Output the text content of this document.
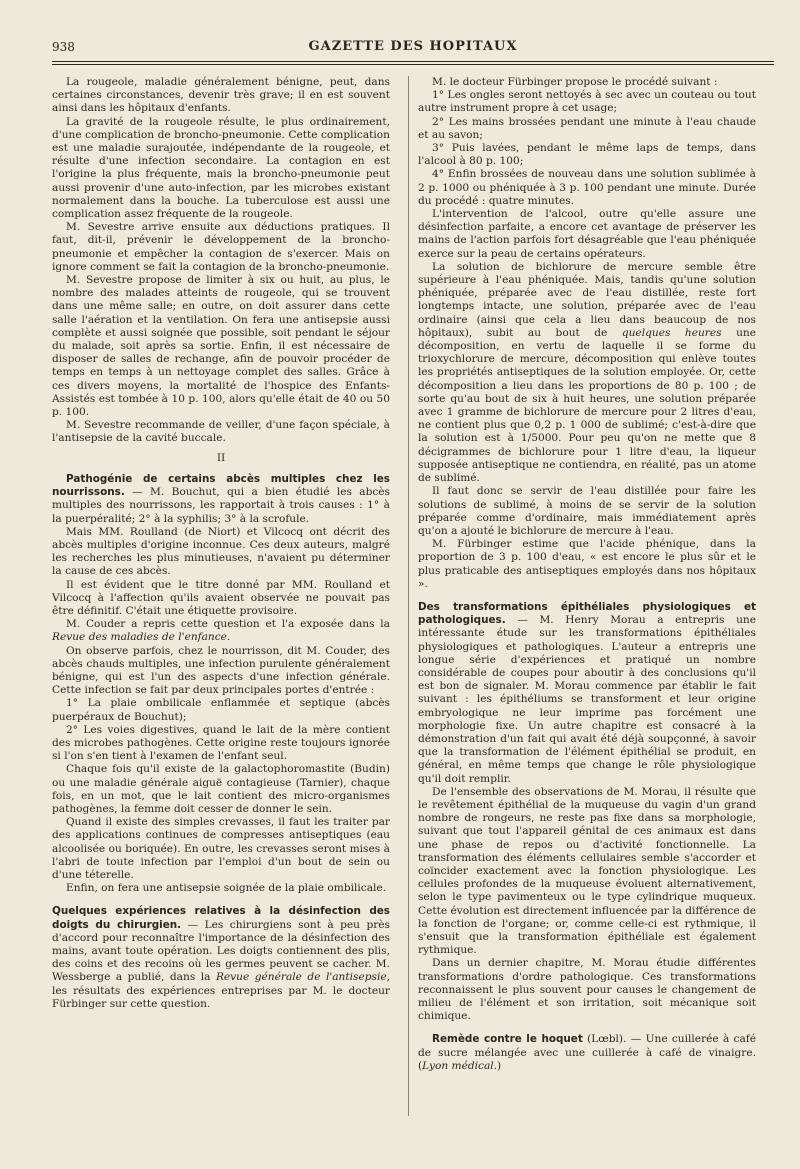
938	GAZETTE DES HOPITAUX

La rougeole, maladie généralement bénigne, peut, dans certaines circonstances, devenir très grave; il en est souvent ainsi dans les hôpitaux d'enfants.

La gravité de la rougeole résulte, le plus ordinairement, d'une complication de broncho-pneumonie. Cette complication est une maladie surajoutée, indépendante de la rougeole, et résulte d'une infection secondaire. La contagion en est l'origine la plus fréquente, mais la broncho-pneumonie peut aussi provenir d'une auto-infection, par les microbes existant normalement dans la bouche. La tuberculose est aussi une complication assez fréquente de la rougeole.

M. Sevestre arrive ensuite aux déductions pratiques. Il faut, dit-il, prévenir le développement de la broncho-pneumonie et empêcher la contagion de s'exercer. Mais on ignore comment se fait la contagion de la broncho-pneumonie.

M. Sevestre propose de limiter à six ou huit, au plus, le nombre des malades atteints de rougeole, qui se trouvent dans une même salle; en outre, on doit assurer dans cette salle l'aération et la ventilation. On fera une antisepsie aussi complète et aussi soignée que possible, soit pendant le séjour du malade, soit après sa sortie. Enfin, il est nécessaire de disposer de salles de rechange, afin de pouvoir procéder de temps en temps à un nettoyage complet des salles. Grâce à ces divers moyens, la mortalité de l'hospice des Enfants-Assistés est tombée à 10 p. 100, alors qu'elle était de 40 ou 50 p. 100.

M. Sevestre recommande de veiller, d'une façon spéciale, à l'antisepsie de la cavité buccale.

II

Pathogénie de certains abcès multiples chez les nourrissons. — M. Bouchut, qui a bien étudié les abcès multiples des nourrissons, les rapportait à trois causes : 1° à la puerpéralité; 2° à la syphilis; 3° à la scrofule.

Mais MM. Roulland (de Niort) et Vilcocq ont décrit des abcès multiples d'origine inconnue. Ces deux auteurs, malgré les recherches les plus minutieuses, n'avaient pu déterminer la cause de ces abcès.

Il est évident que le titre donné par MM. Roulland et Vilcocq à l'affection qu'ils avaient observée ne pouvait pas être définitif. C'était une étiquette provisoire.

M. Couder a repris cette question et l'a exposée dans la Revue des maladies de l'enfance.

On observe parfois, chez le nourrisson, dit M. Couder, des abcès chauds multiples, une infection purulente généralement bénigne, qui est l'un des aspects d'une infection générale. Cette infection se fait par deux principales portes d'entrée :

1° La plaie ombilicale enflammée et septique (abcès puerpéraux de Bouchut);

2° Les voies digestives, quand le lait de la mère contient des microbes pathogènes. Cette origine reste toujours ignorée si l'on s'en tient à l'examen de l'enfant seul.

Chaque fois qu'il existe de la galactophoromastite (Budin) ou une maladie générale aiguë contagieuse (Tarnier), chaque fois, en un mot, que le lait contient des micro-organismes pathogènes, la femme doit cesser de donner le sein.

Quand il existe des simples crevasses, il faut les traiter par des applications continues de compresses antiseptiques (eau alcoolisée ou boriquée). En outre, les crevasses seront mises à l'abri de toute infection par l'emploi d'un bout de sein ou d'une téterelle.

Enfin, on fera une antisepsie soignée de la plaie ombilicale.

Quelques expériences relatives à la désinfection des doigts du chirurgien. — Les chirurgiens sont à peu près d'accord pour reconnaître l'importance de la désinfection des mains, avant toute opération. Les doigts contiennent des plis, des coins et des recoins où les germes peuvent se cacher. M. Wessberge a publié, dans la Revue générale de l'antisepsie, les résultats des expériences entreprises par M. le docteur Fürbinger sur cette question.

M. le docteur Fürbinger propose le procédé suivant :

1° Les ongles seront nettoyés à sec avec un couteau ou tout autre instrument propre à cet usage;

2° Les mains brossées pendant une minute à l'eau chaude et au savon;

3° Puis lavées, pendant le même laps de temps, dans l'alcool à 80 p. 100;

4° Enfin brossées de nouveau dans une solution sublimée à 2 p. 1000 ou phéniquée à 3 p. 100 pendant une minute. Durée du procédé : quatre minutes.

L'intervention de l'alcool, outre qu'elle assure une désinfection parfaite, a encore cet avantage de préserver les mains de l'action parfois fort désagréable que l'eau phéniquée exerce sur la peau de certains opérateurs.

La solution de bichlorure de mercure semble être supérieure à l'eau phéniquée. Mais, tandis qu'une solution phéniquée, préparée avec de l'eau distillée, reste fort longtemps intacte, une solution, préparée avec de l'eau ordinaire (ainsi que cela a lieu dans beaucoup de nos hôpitaux), subit au bout de quelques heures une décomposition, en vertu de laquelle il se forme du trioxychlorure de mercure, décomposition qui enlève toutes les propriétés antiseptiques de la solution employée. Or, cette décomposition a lieu dans les proportions de 80 p. 100 ; de sorte qu'au bout de six à huit heures, une solution préparée avec 1 gramme de bichlorure de mercure pour 2 litres d'eau, ne contient plus que 0,2 p. 1 000 de sublimé; c'est-à-dire que la solution est à 1/5000. Pour peu qu'on ne mette que 8 décigrammes de bichlorure pour 1 litre d'eau, la liqueur supposée antiseptique ne contiendra, en réalité, pas un atome de sublimé.

Il faut donc se servir de l'eau distillée pour faire les solutions de sublimé, à moins de se servir de la solution préparée comme d'ordinaire, mais immédiatement après qu'on a ajouté le bichlorure de mercure à l'eau.

M. Fürbinger estime que l'acide phénique, dans la proportion de 3 p. 100 d'eau, « est encore le plus sûr et le plus praticable des antiseptiques employés dans nos hôpitaux ».

Des transformations épithéliales physiologiques et pathologiques. — M. Henry Morau a entrepris une intéressante étude sur les transformations épithéliales physiologiques et pathologiques. L'auteur a entrepris une longue série d'expériences et pratiqué un nombre considérable de coupes pour aboutir à des conclusions qu'il est bon de signaler. M. Morau commence par établir le fait suivant : les épithéliums se transforment et leur origine embryologique ne leur imprime pas forcément une morphologie fixe. Un autre chapitre est consacré à la démonstration d'un fait qui avait été déjà soupçonné, à savoir que la transformation de l'élément épithélial se produit, en général, en même temps que change le rôle physiologique qu'il doit remplir.

De l'ensemble des observations de M. Morau, il résulte que le revêtement épithélial de la muqueuse du vagin d'un grand nombre de rongeurs, ne reste pas fixe dans sa morphologie, suivant que tout l'appareil génital de ces animaux est dans une phase de repos ou d'activité fonctionnelle. La transformation des éléments cellulaires semble s'accorder et coïncider exactement avec la fonction physiologique. Les cellules profondes de la muqueuse évoluent alternativement, selon le type pavimenteux ou le type cylindrique muqueux. Cette évolution est directement influencée par la différence de la fonction de l'organe; or, comme celle-ci est rythmique, il s'ensuit que la transformation épithéliale est également rythmique.

Dans un dernier chapitre, M. Morau étudie différentes transformations d'ordre pathologique. Ces transformations reconnaissent le plus souvent pour causes le changement de milieu de l'élément et son irritation, soit mécanique soit chimique.

Remède contre le hoquet (Lœbl). — Une cuillerée à café de sucre mélangée avec une cuillerée à café de vinaigre. (Lyon médical.)
